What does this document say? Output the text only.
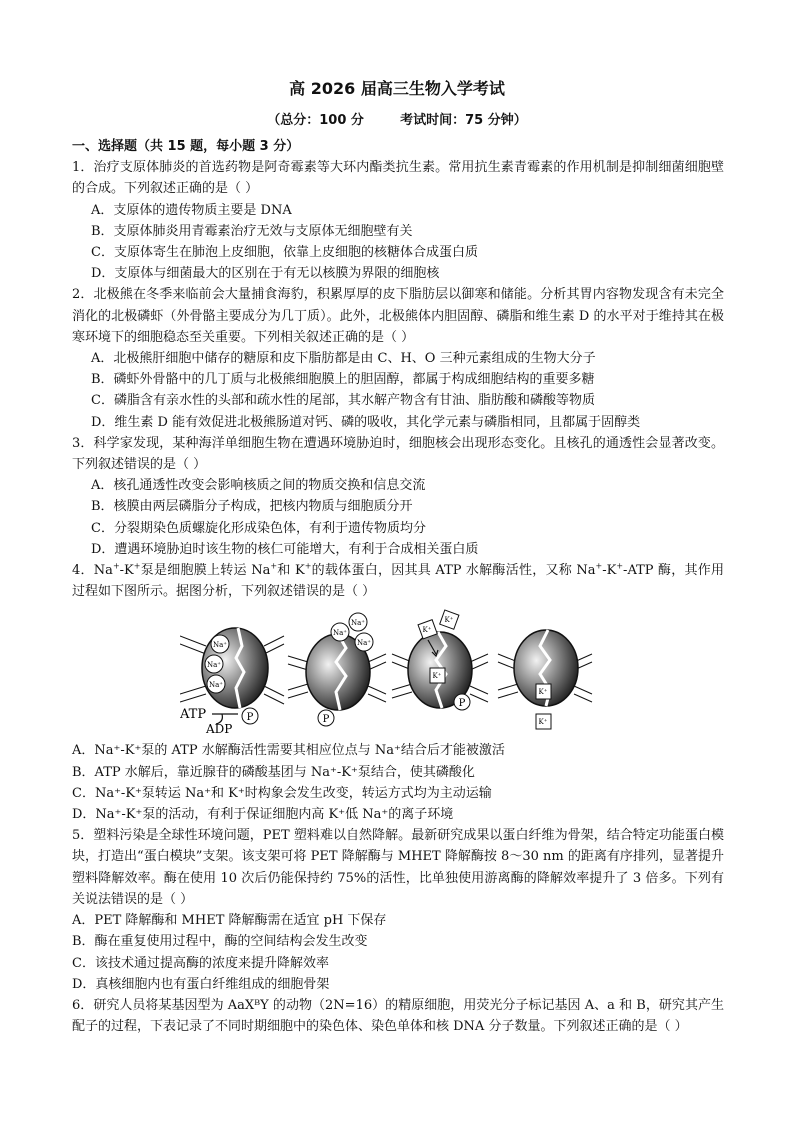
高 2026 届高三生物入学考试
（总分：100 分        考试时间：75 分钟）
一、选择题（共 15 题，每小题 3 分）

1．治疗支原体肺炎的首选药物是阿奇霉素等大环内酯类抗生素。常用抗生素青霉素的作用机制是抑制细菌细胞壁的合成。下列叙述正确的是（ ）

A．支原体的遗传物质主要是 DNA

B．支原体肺炎用青霉素治疗无效与支原体无细胞壁有关

C．支原体寄生在肺泡上皮细胞，依靠上皮细胞的核糖体合成蛋白质

D．支原体与细菌最大的区别在于有无以核膜为界限的细胞核

2．北极熊在冬季来临前会大量捕食海豹，积累厚厚的皮下脂肪层以御寒和储能。分析其胃内容物发现含有未完全消化的北极磷虾（外骨骼主要成分为几丁质）。此外，北极熊体内胆固醇、磷脂和维生素 D 的水平对于维持其在极寒环境下的细胞稳态至关重要。下列相关叙述正确的是（ ）

A．北极熊肝细胞中储存的糖原和皮下脂肪都是由 C、H、O 三种元素组成的生物大分子

B．磷虾外骨骼中的几丁质与北极熊细胞膜上的胆固醇，都属于构成细胞结构的重要多糖

C．磷脂含有亲水性的头部和疏水性的尾部，其水解产物含有甘油、脂肪酸和磷酸等物质

D．维生素 D 能有效促进北极熊肠道对钙、磷的吸收，其化学元素与磷脂相同，且都属于固醇类

3．科学家发现，某种海洋单细胞生物在遭遇环境胁迫时，细胞核会出现形态变化。且核孔的通透性会显著改变。下列叙述错误的是（ ）

A．核孔通透性改变会影响核质之间的物质交换和信息交流

B．核膜由两层磷脂分子构成，把核内物质与细胞质分开

C．分裂期染色质螺旋化形成染色体，有利于遗传物质均分

D．遭遇环境胁迫时该生物的核仁可能增大，有利于合成相关蛋白质

4．Na+-K+泵是细胞膜上转运 Na+和 K+的载体蛋白，因其具 ATP 水解酶活性，又称 Na+-K+-ATP 酶，其作用过程如下图所示。据图分析，下列叙述错误的是（ ）

Na⁺
Na⁺
Na⁺
ATP
ADP
P
Na⁺
Na⁺
Na⁺
P
K⁺
K⁺
K⁺
P
K⁺
K⁺

A．Na⁺-K⁺泵的 ATP 水解酶活性需要其相应位点与 Na⁺结合后才能被激活

B．ATP 水解后，靠近腺苷的磷酸基团与 Na⁺-K⁺泵结合，使其磷酸化

C．Na⁺-K⁺泵转运 Na⁺和 K⁺时构象会发生改变，转运方式均为主动运输

D．Na⁺-K⁺泵的活动，有利于保证细胞内高 K⁺低 Na⁺的离子环境

5．塑料污染是全球性环境问题，PET 塑料难以自然降解。最新研究成果以蛋白纤维为骨架，结合特定功能蛋白模块，打造出“蛋白模块”支架。该支架可将 PET 降解酶与 MHET 降解酶按 8～30 nm 的距离有序排列，显著提升塑料降解效率。酶在使用 10 次后仍能保持约 75%的活性，比单独使用游离酶的降解效率提升了 3 倍多。下列有关说法错误的是（ ）

A．PET 降解酶和 MHET 降解酶需在适宜 pH 下保存

B．酶在重复使用过程中，酶的空间结构会发生改变

C．该技术通过提高酶的浓度来提升降解效率

D．真核细胞内也有蛋白纤维组成的细胞骨架

6．研究人员将某基因型为 AaXᴮY 的动物（2N=16）的精原细胞，用荧光分子标记基因 A、a 和 B，研究其产生配子的过程，下表记录了不同时期细胞中的染色体、染色单体和核 DNA 分子数量。下列叙述正确的是（ ）
